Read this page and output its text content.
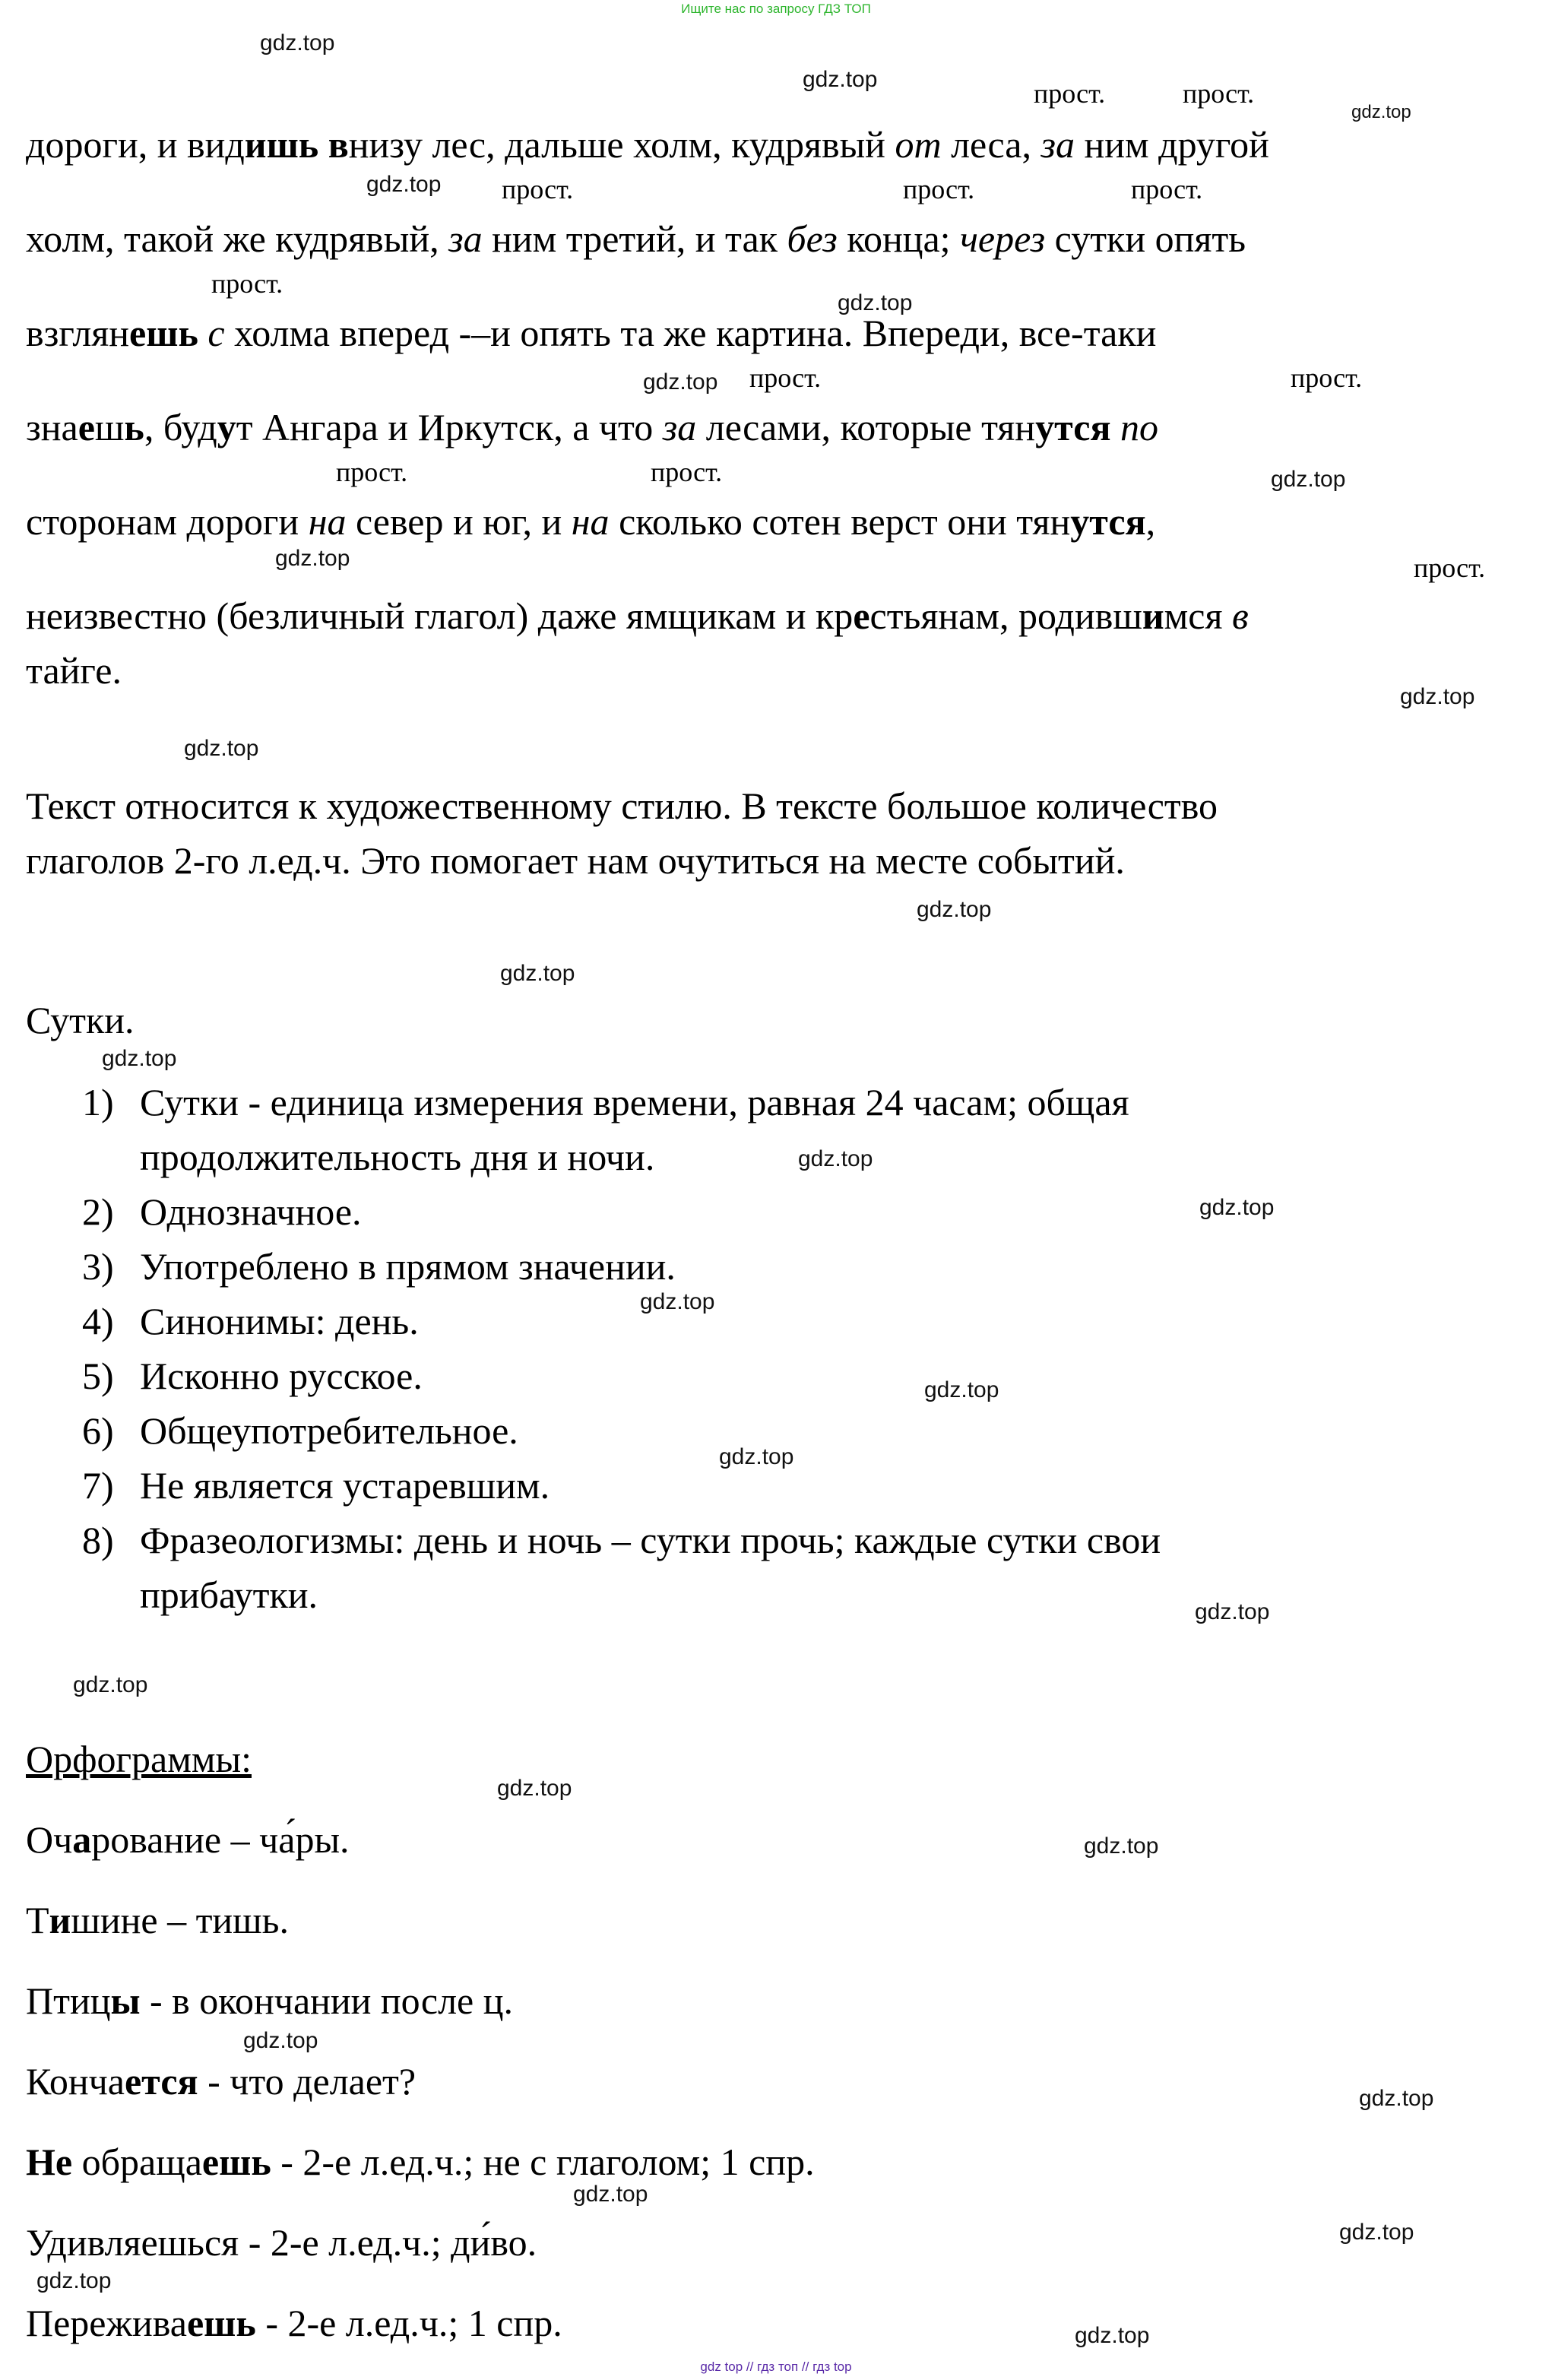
Ищите нас по запросу ГДЗ ТОП
gdz.top
gdz.top
gdz.top
gdz.top
gdz.top
gdz.top
gdz.top
gdz.top
gdz.top
gdz.top
gdz.top
gdz.top
gdz.top
gdz.top
gdz.top
gdz.top
gdz.top
gdz.top
gdz.top
gdz.top
gdz.top
gdz.top
gdz.top
gdz.top
gdz.top
gdz.top
gdz.top
gdz.top
прост.	прост.
прост.	прост.	прост.
прост.
прост.	прост.
прост.	прост.
прост.
дороги, и видишь внизу лес, дальше холм, кудрявый от леса, за ним другой
холм, такой же кудрявый, за ним третий, и так без конца; через сутки опять
взглянешь с холма вперед -–и опять та же картина. Впереди, все-таки
знаешь, будут Ангара и Иркутск, а что за лесами, которые тянутся по
сторонам дороги на север и юг, и на сколько сотен верст они тянутся,
неизвестно (безличный глагол) даже ямщикам и крестьянам, родившимся в
тайге.
Текст относится к художественному стилю. В тексте большое количество
глаголов 2-го л.ед.ч. Это помогает нам очутиться на месте событий.
Сутки.
1) Сутки - единица измерения времени, равная 24 часам; общая
продолжительность дня и ночи.
2) Однозначное.
3) Употреблено в прямом значении.
4) Синонимы: день.
5) Исконно русское.
6) Общеупотребительное.
7) Не является устаревшим.
8) Фразеологизмы: день и ночь – сутки прочь; каждые сутки свои
прибаутки.
Орфограммы:
Очарование – ча́ры.
Тишине – тишь.
Птицы - в окончании после ц.
Кончается - что делает?
Не обращаешь - 2-е л.ед.ч.; не с глаголом; 1 спр.
Удивляешься - 2-е л.ед.ч.; ди́во.
Переживаешь - 2-е л.ед.ч.; 1 спр.
gdz top // гдз топ // гдз top
